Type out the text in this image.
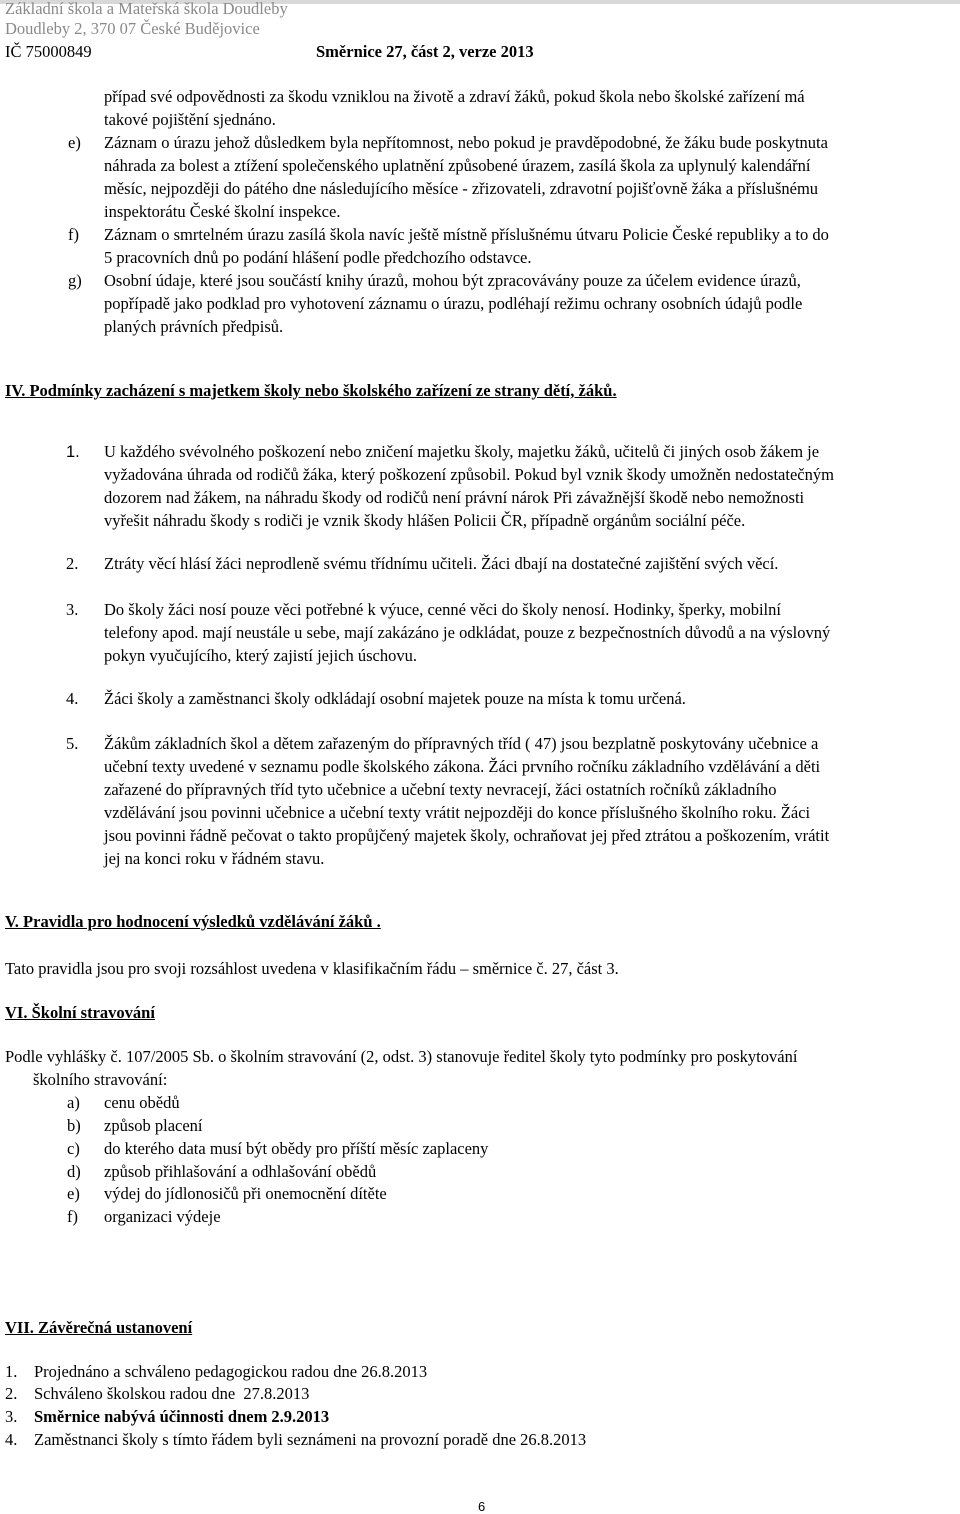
Základní škola a Mateřská škola Doudleby
Doudleby 2, 370 07 České Budějovice
IČ 75000849	Směrnice 27, část 2, verze 2013
případ své odpovědnosti za škodu vzniklou na životě a zdraví žáků, pokud škola nebo školské zařízení má
takové pojištění sjednáno.
e) Záznam o úrazu jehož důsledkem byla nepřítomnost, nebo pokud je pravděpodobné, že žáku bude poskytnuta
náhrada za bolest a ztížení společenského uplatnění způsobené úrazem, zasílá škola za uplynulý kalendářní
měsíc, nejpozději do pátého dne následujícího měsíce - zřizovateli, zdravotní pojišťovně žáka a příslušnému
inspektorátu České školní inspekce.
f) Záznam o smrtelném úrazu zasílá škola navíc ještě místně příslušnému útvaru Policie České republiky a to do
5 pracovních dnů po podání hlášení podle předchozího odstavce.
g) Osobní údaje, které jsou součástí knihy úrazů, mohou být zpracovávány pouze za účelem evidence úrazů,
popřípadě jako podklad pro vyhotovení záznamu o úrazu, podléhají režimu ochrany osobních údajů podle
planých právních předpisů.
IV. Podmínky zacházení s majetkem školy nebo školského zařízení ze strany dětí, žáků.
1. U každého svévolného poškození nebo zničení majetku školy, majetku žáků, učitelů či jiných osob žákem je
vyžadována úhrada od rodičů žáka, který poškození způsobil. Pokud byl vznik škody umožněn nedostatečným
dozorem nad žákem, na náhradu škody od rodičů není právní nárok Při závažnější škodě nebo nemožnosti
vyřešit náhradu škody s rodiči je vznik škody hlášen Policii ČR, případně orgánům sociální péče.
2. Ztráty věcí hlásí žáci neprodleně svému třídnímu učiteli. Žáci dbají na dostatečné zajištění svých věcí.
3. Do školy žáci nosí pouze věci potřebné k výuce, cenné věci do školy nenosí. Hodinky, šperky, mobilní
telefony apod. mají neustále u sebe, mají zakázáno je odkládat, pouze z bezpečnostních důvodů a na výslovný
pokyn vyučujícího, který zajistí jejich úschovu.
4. Žáci školy a zaměstnanci školy odkládají osobní majetek pouze na místa k tomu určená.
5. Žákům základních škol a dětem zařazeným do přípravných tříd ( 47) jsou bezplatně poskytovány učebnice a
učební texty uvedené v seznamu podle školského zákona. Žáci prvního ročníku základního vzdělávání a děti
zařazené do přípravných tříd tyto učebnice a učební texty nevracejí, žáci ostatních ročníků základního
vzdělávání jsou povinni učebnice a učební texty vrátit nejpozději do konce příslušného školního roku. Žáci
jsou povinni řádně pečovat o takto propůjčený majetek školy, ochraňovat jej před ztrátou a poškozením, vrátit
jej na konci roku v řádném stavu.
V. Pravidla pro hodnocení výsledků vzdělávání žáků .
Tato pravidla jsou pro svoji rozsáhlost uvedena v klasifikačním řádu – směrnice č. 27, část 3.
VI. Školní stravování
Podle vyhlášky č. 107/2005 Sb. o školním stravování (2, odst. 3) stanovuje ředitel školy tyto podmínky pro poskytování
školního stravování:
a) cenu obědů
b) způsob placení
c) do kterého data musí být obědy pro příští měsíc zaplaceny
d) způsob přihlašování a odhlašování obědů
e) výdej do jídlonosičů při onemocnění dítěte
f) organizaci výdeje
VII. Závěrečná ustanovení
1. Projednáno a schváleno pedagogickou radou dne 26.8.2013
2. Schváleno školskou radou dne  27.8.2013
3. Směrnice nabývá účinnosti dnem 2.9.2013
4. Zaměstnanci školy s tímto řádem byli seznámeni na provozní poradě dne 26.8.2013
6
